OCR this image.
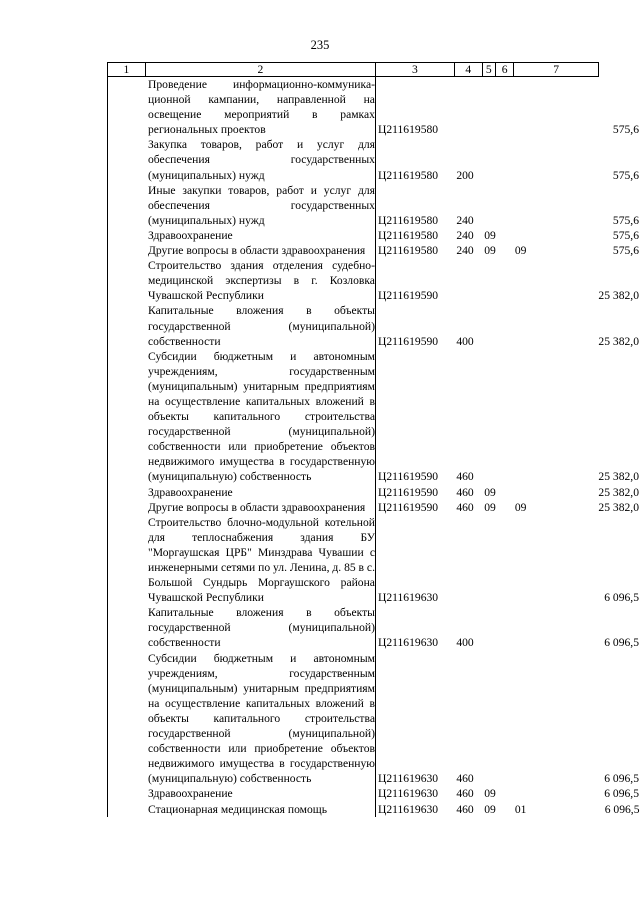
235
1	2	3	4	5	6	7	
Проведение информационно-коммуника-ционной кампании, направленной на освещение мероприятий в рамках региональных проектов		Ц211619580					575,6
Закупка товаров, работ и услуг для обеспечения государственных (муниципальных) нужд		Ц211619580	200				575,6
Иные закупки товаров, работ и услуг для обеспечения государственных (муниципальных) нужд		Ц211619580	240				575,6
Здравоохранение		Ц211619580	240	09			575,6
Другие вопросы в области здравоохранения		Ц211619580	240	09		09	575,6
Строительство здания отделения судебно-медицинской экспертизы в г. Козловка Чувашской Республики		Ц211619590					25 382,0
Капитальные вложения в объекты государственной (муниципальной) собственности		Ц211619590	400				25 382,0
Субсидии бюджетным и автономным учреждениям, государственным (муниципальным) унитарным предприятиям на осуществление капитальных вложений в объекты капитального строительства государственной (муниципальной) собственности или приобретение объектов недвижимого имущества в государственную (муниципальную) собственность		Ц211619590	460				25 382,0
Здравоохранение		Ц211619590	460	09			25 382,0
Другие вопросы в области здравоохранения		Ц211619590	460	09		09	25 382,0
Строительство блочно-модульной котельной для теплоснабжения здания БУ "Моргаушская ЦРБ" Минздрава Чувашии с инженерными сетями по ул. Ленина, д. 85 в с. Большой Сундырь Моргаушского района Чувашской Республики		Ц211619630					6 096,5
Капитальные вложения в объекты государственной (муниципальной) собственности		Ц211619630	400				6 096,5
Субсидии бюджетным и автономным учреждениям, государственным (муниципальным) унитарным предприятиям на осуществление капитальных вложений в объекты капитального строительства государственной (муниципальной) собственности или приобретение объектов недвижимого имущества в государственную (муниципальную) собственность		Ц211619630	460				6 096,5
Здравоохранение		Ц211619630	460	09			6 096,5
Стационарная медицинская помощь		Ц211619630	460	09		01	6 096,5
